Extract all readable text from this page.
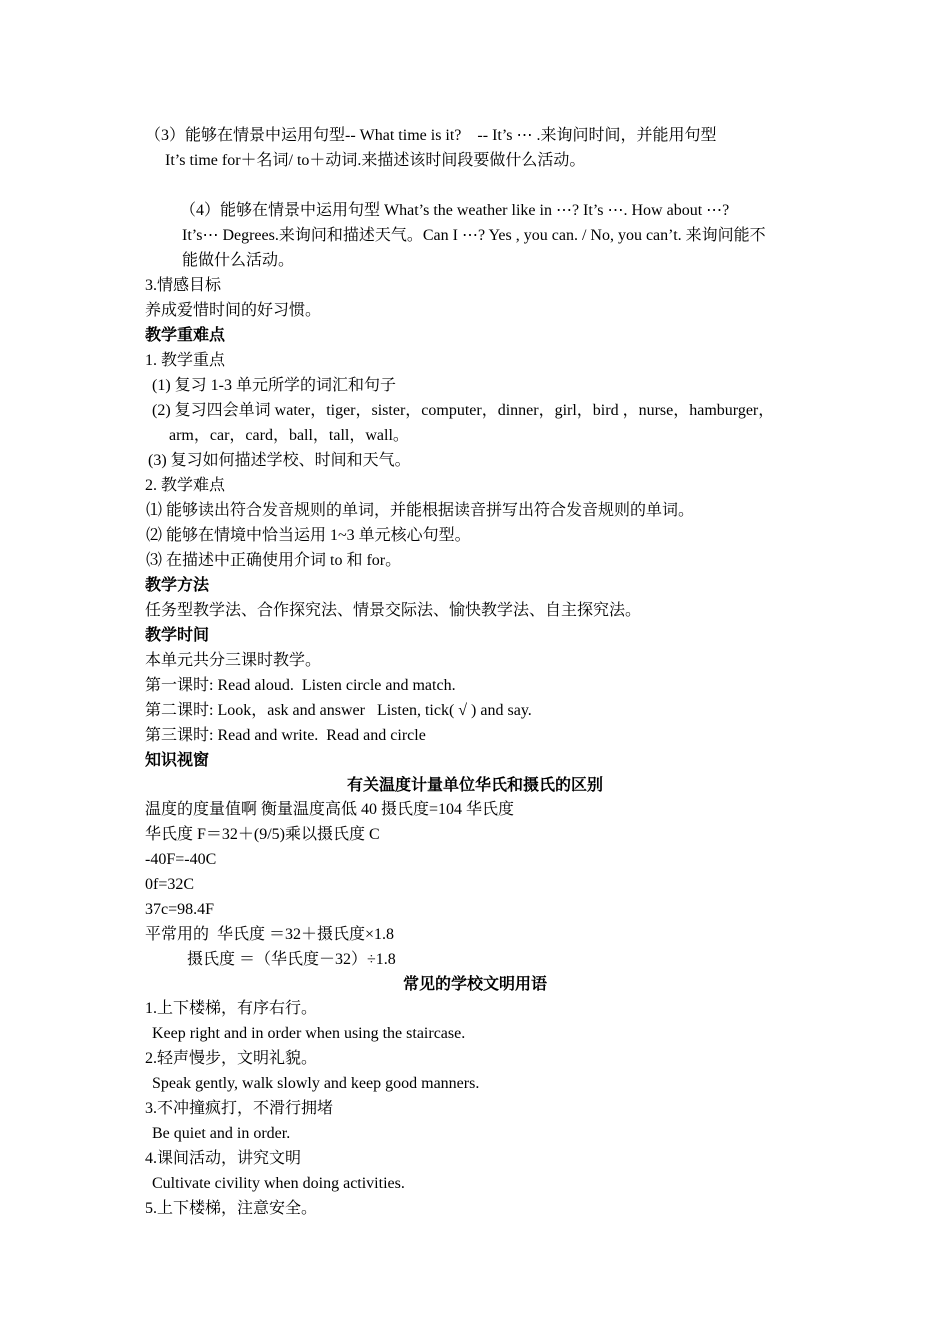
（3）能够在情景中运用句型-- What time is it?    -- It’s ⋯ .来询问时间，并能用句型
It’s time for＋名词/ to＋动词.来描述该时间段要做什么活动。
（4）能够在情景中运用句型 What’s the weather like in ⋯? It’s ⋯. How about ⋯?
It’s⋯ Degrees.来询问和描述天气。Can I ⋯? Yes , you can. / No, you can’t. 来询问能不
能做什么活动。
3.情感目标
养成爱惜时间的好习惯。
教学重难点
1. 教学重点
(1) 复习 1-3 单元所学的词汇和句子
(2) 复习四会单词 water，tiger，sister，computer，dinner，girl，bird ，nurse，hamburger，
arm，car，card，ball，tall，wall。
(3) 复习如何描述学校、时间和天气。
2. 教学难点
⑴ 能够读出符合发音规则的单词，并能根据读音拼写出符合发音规则的单词。
⑵ 能够在情境中恰当运用 1~3 单元核心句型。
⑶ 在描述中正确使用介词 to 和 for。
教学方法
任务型教学法、合作探究法、情景交际法、愉快教学法、自主探究法。
教学时间
本单元共分三课时教学。
第一课时: Read aloud.  Listen circle and match.
第二课时: Look，ask and answer   Listen, tick( √ ) and say.
第三课时: Read and write.  Read and circle
知识视窗
有关温度计量单位华氏和摄氏的区别
温度的度量值啊 衡量温度高低 40 摄氏度=104 华氏度
华氏度 F＝32＋(9/5)乘以摄氏度 C
-40F=-40C
0f=32C
37c=98.4F
平常用的  华氏度 ＝32＋摄氏度×1.8
摄氏度 ＝（华氏度－32）÷1.8
常见的学校文明用语
1.上下楼梯，有序右行。
Keep right and in order when using the staircase.
2.轻声慢步，文明礼貌。
Speak gently, walk slowly and keep good manners.
3.不冲撞疯打，不滑行拥堵
Be quiet and in order.
4.课间活动，讲究文明
Cultivate civility when doing activities.
5.上下楼梯，注意安全。
